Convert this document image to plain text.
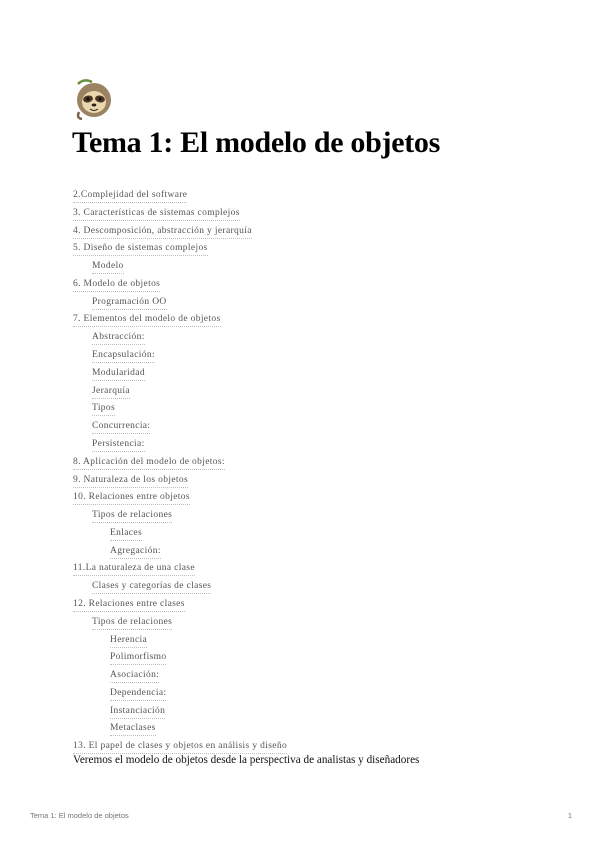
Tema 1: El modelo de objetos
2.Complejidad del software
3. Características de sistemas complejos
4. Descomposición, abstracción y jerarquía
5. Diseño de sistemas complejos
Modelo
6. Modelo de objetos
Programación OO
7. Elementos del modelo de objetos
Abstracción:
Encapsulación:
Modularidad
Jerarquía
Tipos
Concurrencia:
Persistencia:
8. Aplicación del modelo de objetos:
9. Naturaleza de los objetos
10. Relaciones entre objetos
Tipos de relaciones
Enlaces
Agregación:
11.La naturaleza de una clase
Clases y categorías de clases
12. Relaciones entre clases
Tipos de relaciones
Herencia
Polimorfismo
Asociación:
Dependencia:
Instanciación
Metaclases
13. El papel de clases y objetos en análisis y diseño

Veremos el modelo de objetos desde la perspectiva de analistas y diseñadores

Tema 1: El modelo de objetos	1
